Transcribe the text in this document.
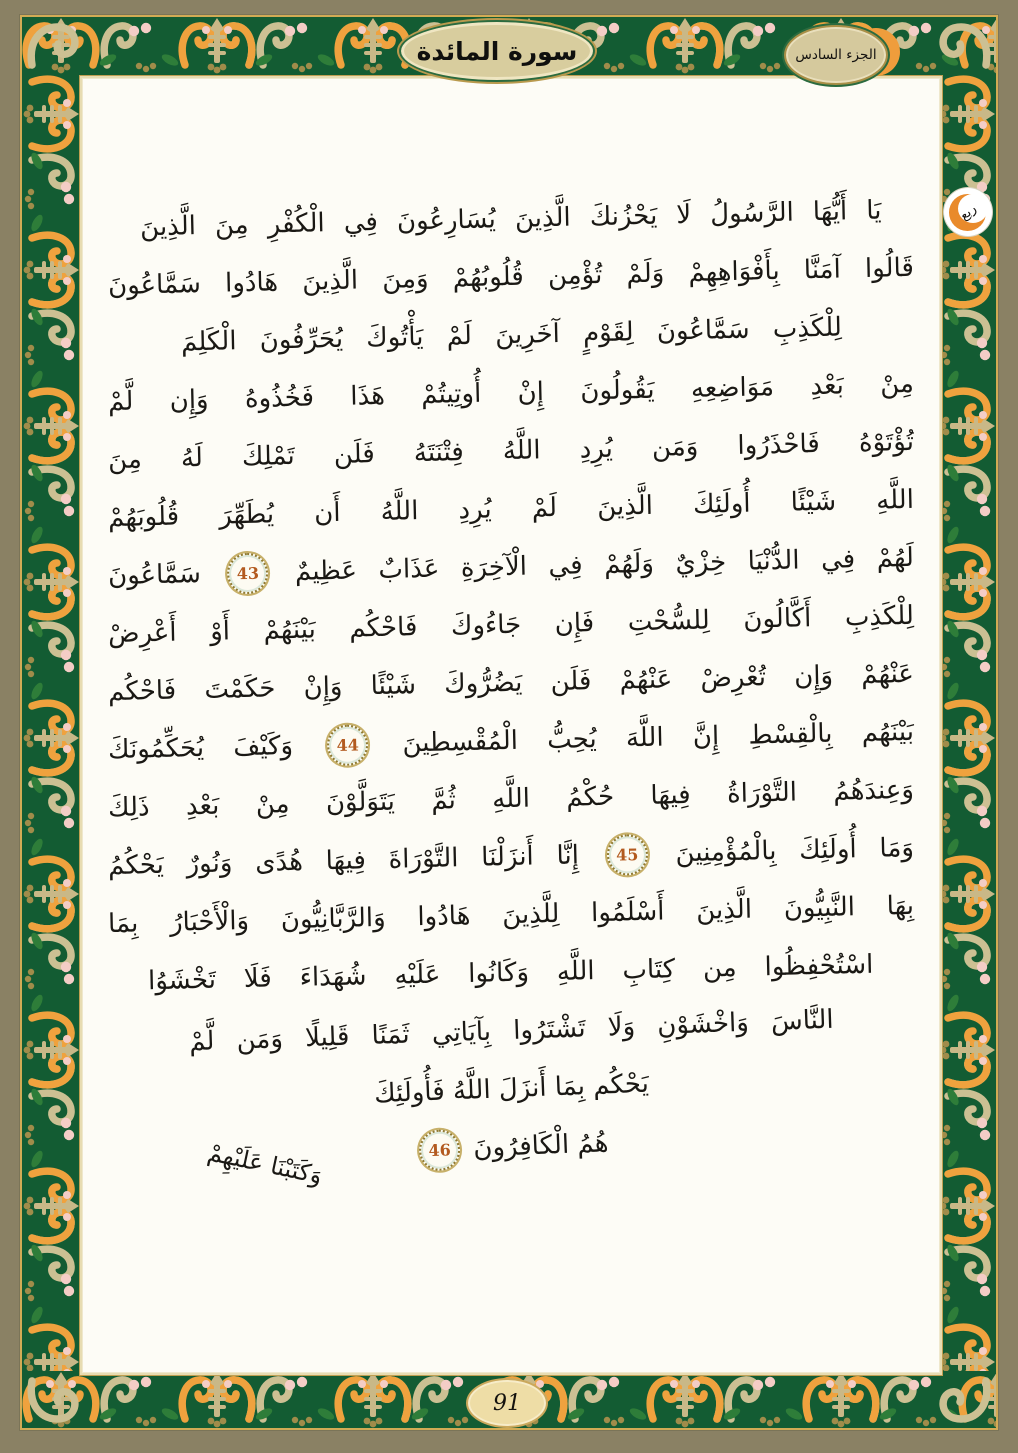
يَا أَيُّهَا الرَّسُولُ لَا يَحْزُنكَ الَّذِينَ يُسَارِعُونَ فِي الْكُفْرِ مِنَ الَّذِينَ
قَالُوا آمَنَّا بِأَفْوَاهِهِمْ وَلَمْ تُؤْمِن قُلُوبُهُمْ وَمِنَ الَّذِينَ هَادُوا سَمَّاعُونَ
لِلْكَذِبِ سَمَّاعُونَ لِقَوْمٍ آخَرِينَ لَمْ يَأْتُوكَ يُحَرِّفُونَ الْكَلِمَ
مِنْ بَعْدِ مَوَاضِعِهِ يَقُولُونَ إِنْ أُوتِيتُمْ هَذَا فَخُذُوهُ وَإِن لَّمْ
تُؤْتَوْهُ فَاحْذَرُوا وَمَن يُرِدِ اللَّهُ فِتْنَتَهُ فَلَن تَمْلِكَ لَهُ مِنَ
اللَّهِ شَيْئًا أُولَئِكَ الَّذِينَ لَمْ يُرِدِ اللَّهُ أَن يُطَهِّرَ قُلُوبَهُمْ
لَهُمْ فِي الدُّنْيَا خِزْيٌ وَلَهُمْ فِي الْآخِرَةِ عَذَابٌ عَظِيمٌ 43 سَمَّاعُونَ
لِلْكَذِبِ أَكَّالُونَ لِلسُّحْتِ فَإِن جَاءُوكَ فَاحْكُم بَيْنَهُمْ أَوْ أَعْرِضْ
عَنْهُمْ وَإِن تُعْرِضْ عَنْهُمْ فَلَن يَضُرُّوكَ شَيْئًا وَإِنْ حَكَمْتَ فَاحْكُم
بَيْنَهُم بِالْقِسْطِ إِنَّ اللَّهَ يُحِبُّ الْمُقْسِطِينَ 44 وَكَيْفَ يُحَكِّمُونَكَ
وَعِندَهُمُ التَّوْرَاةُ فِيهَا حُكْمُ اللَّهِ ثُمَّ يَتَوَلَّوْنَ مِنْ بَعْدِ ذَلِكَ
وَمَا أُولَئِكَ بِالْمُؤْمِنِينَ 45 إِنَّا أَنزَلْنَا التَّوْرَاةَ فِيهَا هُدًى وَنُورٌ يَحْكُمُ
بِهَا النَّبِيُّونَ الَّذِينَ أَسْلَمُوا لِلَّذِينَ هَادُوا وَالرَّبَّانِيُّونَ وَالْأَحْبَارُ بِمَا
اسْتُحْفِظُوا مِن كِتَابِ اللَّهِ وَكَانُوا عَلَيْهِ شُهَدَاءَ فَلَا تَخْشَوُا
النَّاسَ وَاخْشَوْنِ وَلَا تَشْتَرُوا بِآيَاتِي ثَمَنًا قَلِيلًا وَمَن لَّمْ
يَحْكُم بِمَا أَنزَلَ اللَّهُ فَأُولَئِكَ
هُمُ الْكَافِرُونَ 46
وَكَتَبْنَا عَلَيْهِمْ
سورة المائدة	الجزء السادس
ربع
91
